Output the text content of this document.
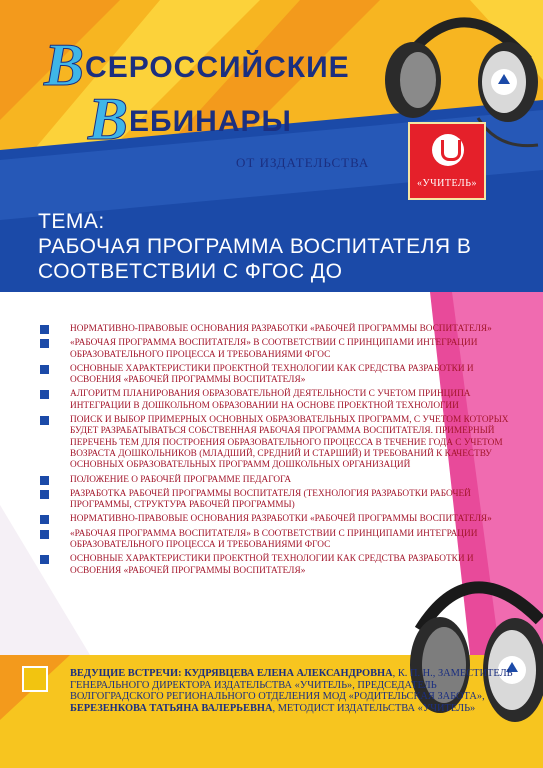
ВСЕРОССИЙСКИЕ
ВЕБИНАРЫ
ОТ ИЗДАТЕЛЬСТВА
«УЧИТЕЛЬ»
ТЕМА:
РАБОЧАЯ ПРОГРАММА ВОСПИТАТЕЛЯ В СООТВЕТСТВИИ С ФГОС ДО
НОРМАТИВНО-ПРАВОВЫЕ ОСНОВАНИЯ РАЗРАБОТКИ «РАБОЧЕЙ ПРОГРАММЫ ВОСПИТАТЕЛЯ»
«РАБОЧАЯ ПРОГРАММА ВОСПИТАТЕЛЯ» В СООТВЕТСТВИИ С ПРИНЦИПАМИ ИНТЕГРАЦИИ ОБРАЗОВАТЕЛЬНОГО ПРОЦЕССА И ТРЕБОВАНИЯМИ ФГОС
ОСНОВНЫЕ ХАРАКТЕРИСТИКИ ПРОЕКТНОЙ ТЕХНОЛОГИИ КАК СРЕДСТВА РАЗРАБОТКИ И ОСВОЕНИЯ «РАБОЧЕЙ ПРОГРАММЫ ВОСПИТАТЕЛЯ»
АЛГОРИТМ ПЛАНИРОВАНИЯ ОБРАЗОВАТЕЛЬНОЙ ДЕЯТЕЛЬНОСТИ С УЧЕТОМ ПРИНЦИПА ИНТЕГРАЦИИ В ДОШКОЛЬНОМ ОБРАЗОВАНИИ НА ОСНОВЕ ПРОЕКТНОЙ ТЕХНОЛОГИИ
ПОИСК И ВЫБОР ПРИМЕРНЫХ ОСНОВНЫХ ОБРАЗОВАТЕЛЬНЫХ ПРОГРАММ, С УЧЕТОМ КОТОРЫХ БУДЕТ РАЗРАБАТЫВАТЬСЯ СОБСТВЕННАЯ РАБОЧАЯ ПРОГРАММА ВОСПИТАТЕЛЯ. ПРИМЕРНЫЙ ПЕРЕЧЕНЬ ТЕМ ДЛЯ ПОСТРОЕНИЯ ОБРАЗОВАТЕЛЬНОГО ПРОЦЕССА В ТЕЧЕНИЕ ГОДА С УЧЕТОМ ВОЗРАСТА ДОШКОЛЬНИКОВ (МЛАДШИЙ, СРЕДНИЙ И СТАРШИЙ) И ТРЕБОВАНИЙ К КАЧЕСТВУ ОСНОВНЫХ ОБРАЗОВАТЕЛЬНЫХ ПРОГРАММ ДОШКОЛЬНЫХ ОРГАНИЗАЦИЙ
ПОЛОЖЕНИЕ О РАБОЧЕЙ ПРОГРАММЕ ПЕДАГОГА
РАЗРАБОТКА РАБОЧЕЙ ПРОГРАММЫ ВОСПИТАТЕЛЯ (ТЕХНОЛОГИЯ РАЗРАБОТКИ РАБОЧЕЙ ПРОГРАММЫ, СТРУКТУРА РАБОЧЕЙ ПРОГРАММЫ)
НОРМАТИВНО-ПРАВОВЫЕ ОСНОВАНИЯ РАЗРАБОТКИ «РАБОЧЕЙ ПРОГРАММЫ ВОСПИТАТЕЛЯ»
«РАБОЧАЯ ПРОГРАММА ВОСПИТАТЕЛЯ» В СООТВЕТСТВИИ С ПРИНЦИПАМИ ИНТЕГРАЦИИ ОБРАЗОВАТЕЛЬНОГО ПРОЦЕССА И ТРЕБОВАНИЯМИ ФГОС
ОСНОВНЫЕ ХАРАКТЕРИСТИКИ ПРОЕКТНОЙ ТЕХНОЛОГИИ КАК СРЕДСТВА РАЗРАБОТКИ И ОСВОЕНИЯ «РАБОЧЕЙ ПРОГРАММЫ ВОСПИТАТЕЛЯ»
ВЕДУЩИЕ ВСТРЕЧИ: КУДРЯВЦЕВА ЕЛЕНА АЛЕКСАНДРОВНА, К. П. Н., ЗАМЕСТИТЕЛЬ ГЕНЕРАЛЬНОГО ДИРЕКТОРА ИЗДАТЕЛЬСТВА «УЧИТЕЛЬ», ПРЕДСЕДАТЕЛЬ ВОЛГОГРАДСКОГО РЕГИОНАЛЬНОГО ОТДЕЛЕНИЯ МОД «РОДИТЕЛЬСКАЯ ЗАБОТА», БЕРЕЗЕНКОВА ТАТЬЯНА ВАЛЕРЬЕВНА, МЕТОДИСТ ИЗДАТЕЛЬСТВА «УЧИТЕЛЬ»
